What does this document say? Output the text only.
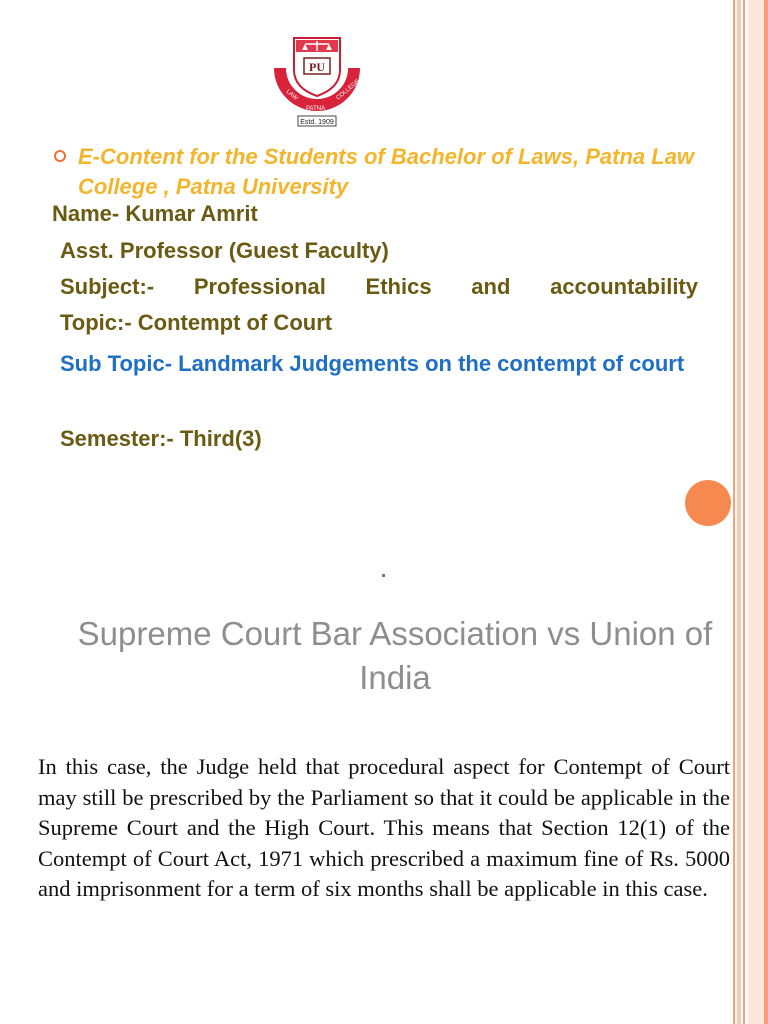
PU
LAW
PATNA
COLLEGE
Estd. 1909
E-Content for the Students of Bachelor of Laws, Patna Law College , Patna University
Name- Kumar Amrit
Asst. Professor (Guest Faculty)
Subject:- Professional Ethics and accountability
Topic:- Contempt of Court
Sub Topic- Landmark Judgements on the contempt of court
Semester:- Third(3)
Supreme Court Bar Association vs Union of
India
In this case, the Judge held that procedural aspect for Contempt of Court may still be prescribed by the Parliament so that it could be applicable in the Supreme Court and the High Court. This means that Section 12(1) of the Contempt of Court Act, 1971 which prescribed a maximum fine of Rs. 5000 and imprisonment for a term of six months shall be applicable in this case.
